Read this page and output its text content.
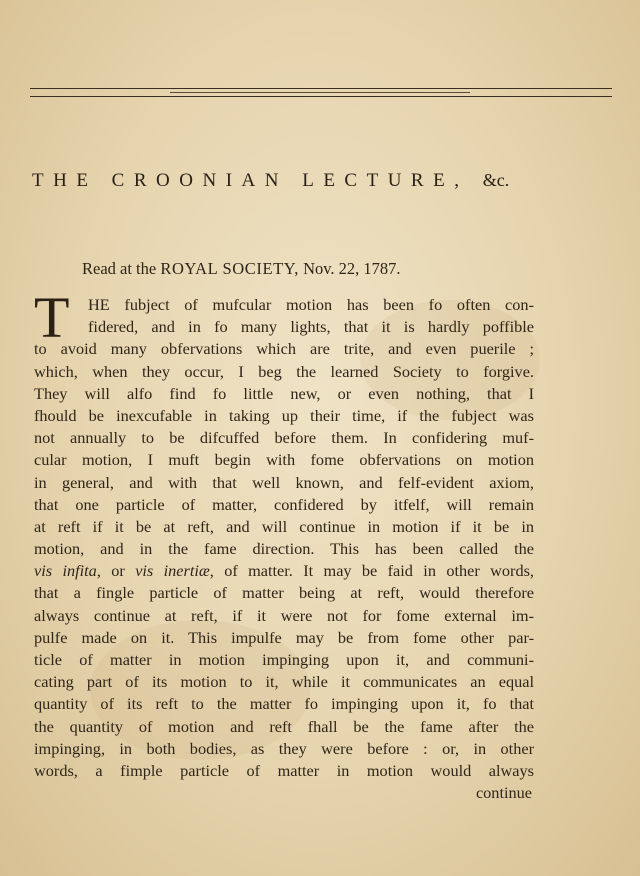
THE CROONIAN LECTURE, &c.
Read at the ROYAL SOCIETY, Nov. 22, 1787.
T	HE fubject of mufcular motion has been fo often con-
fidered, and in fo many lights, that it is hardly poffible
to avoid many obfervations which are trite, and even puerile ;
which, when they occur, I beg the learned Society to forgive.
They will alfo find fo little new, or even nothing, that I
fhould be inexcufable in taking up their time, if the fubject was
not annually to be difcuffed before them. In confidering muf-
cular motion, I muft begin with fome obfervations on motion
in general, and with that well known, and felf-evident axiom,
that one particle of matter, confidered by itfelf, will remain
at reft if it be at reft, and will continue in motion if it be in
motion, and in the fame direction. This has been called the
vis infita, or vis inertiæ, of matter. It may be faid in other words,
that a fingle particle of matter being at reft, would therefore
always continue at reft, if it were not for fome external im-
pulfe made on it. This impulfe may be from fome other par-
ticle of matter in motion impinging upon it, and communi-
cating part of its motion to it, while it communicates an equal
quantity of its reft to the matter fo impinging upon it, fo that
the quantity of motion and reft fhall be the fame after the
impinging, in both bodies, as they were before : or, in other
words, a fimple particle of matter in motion would always
continue
